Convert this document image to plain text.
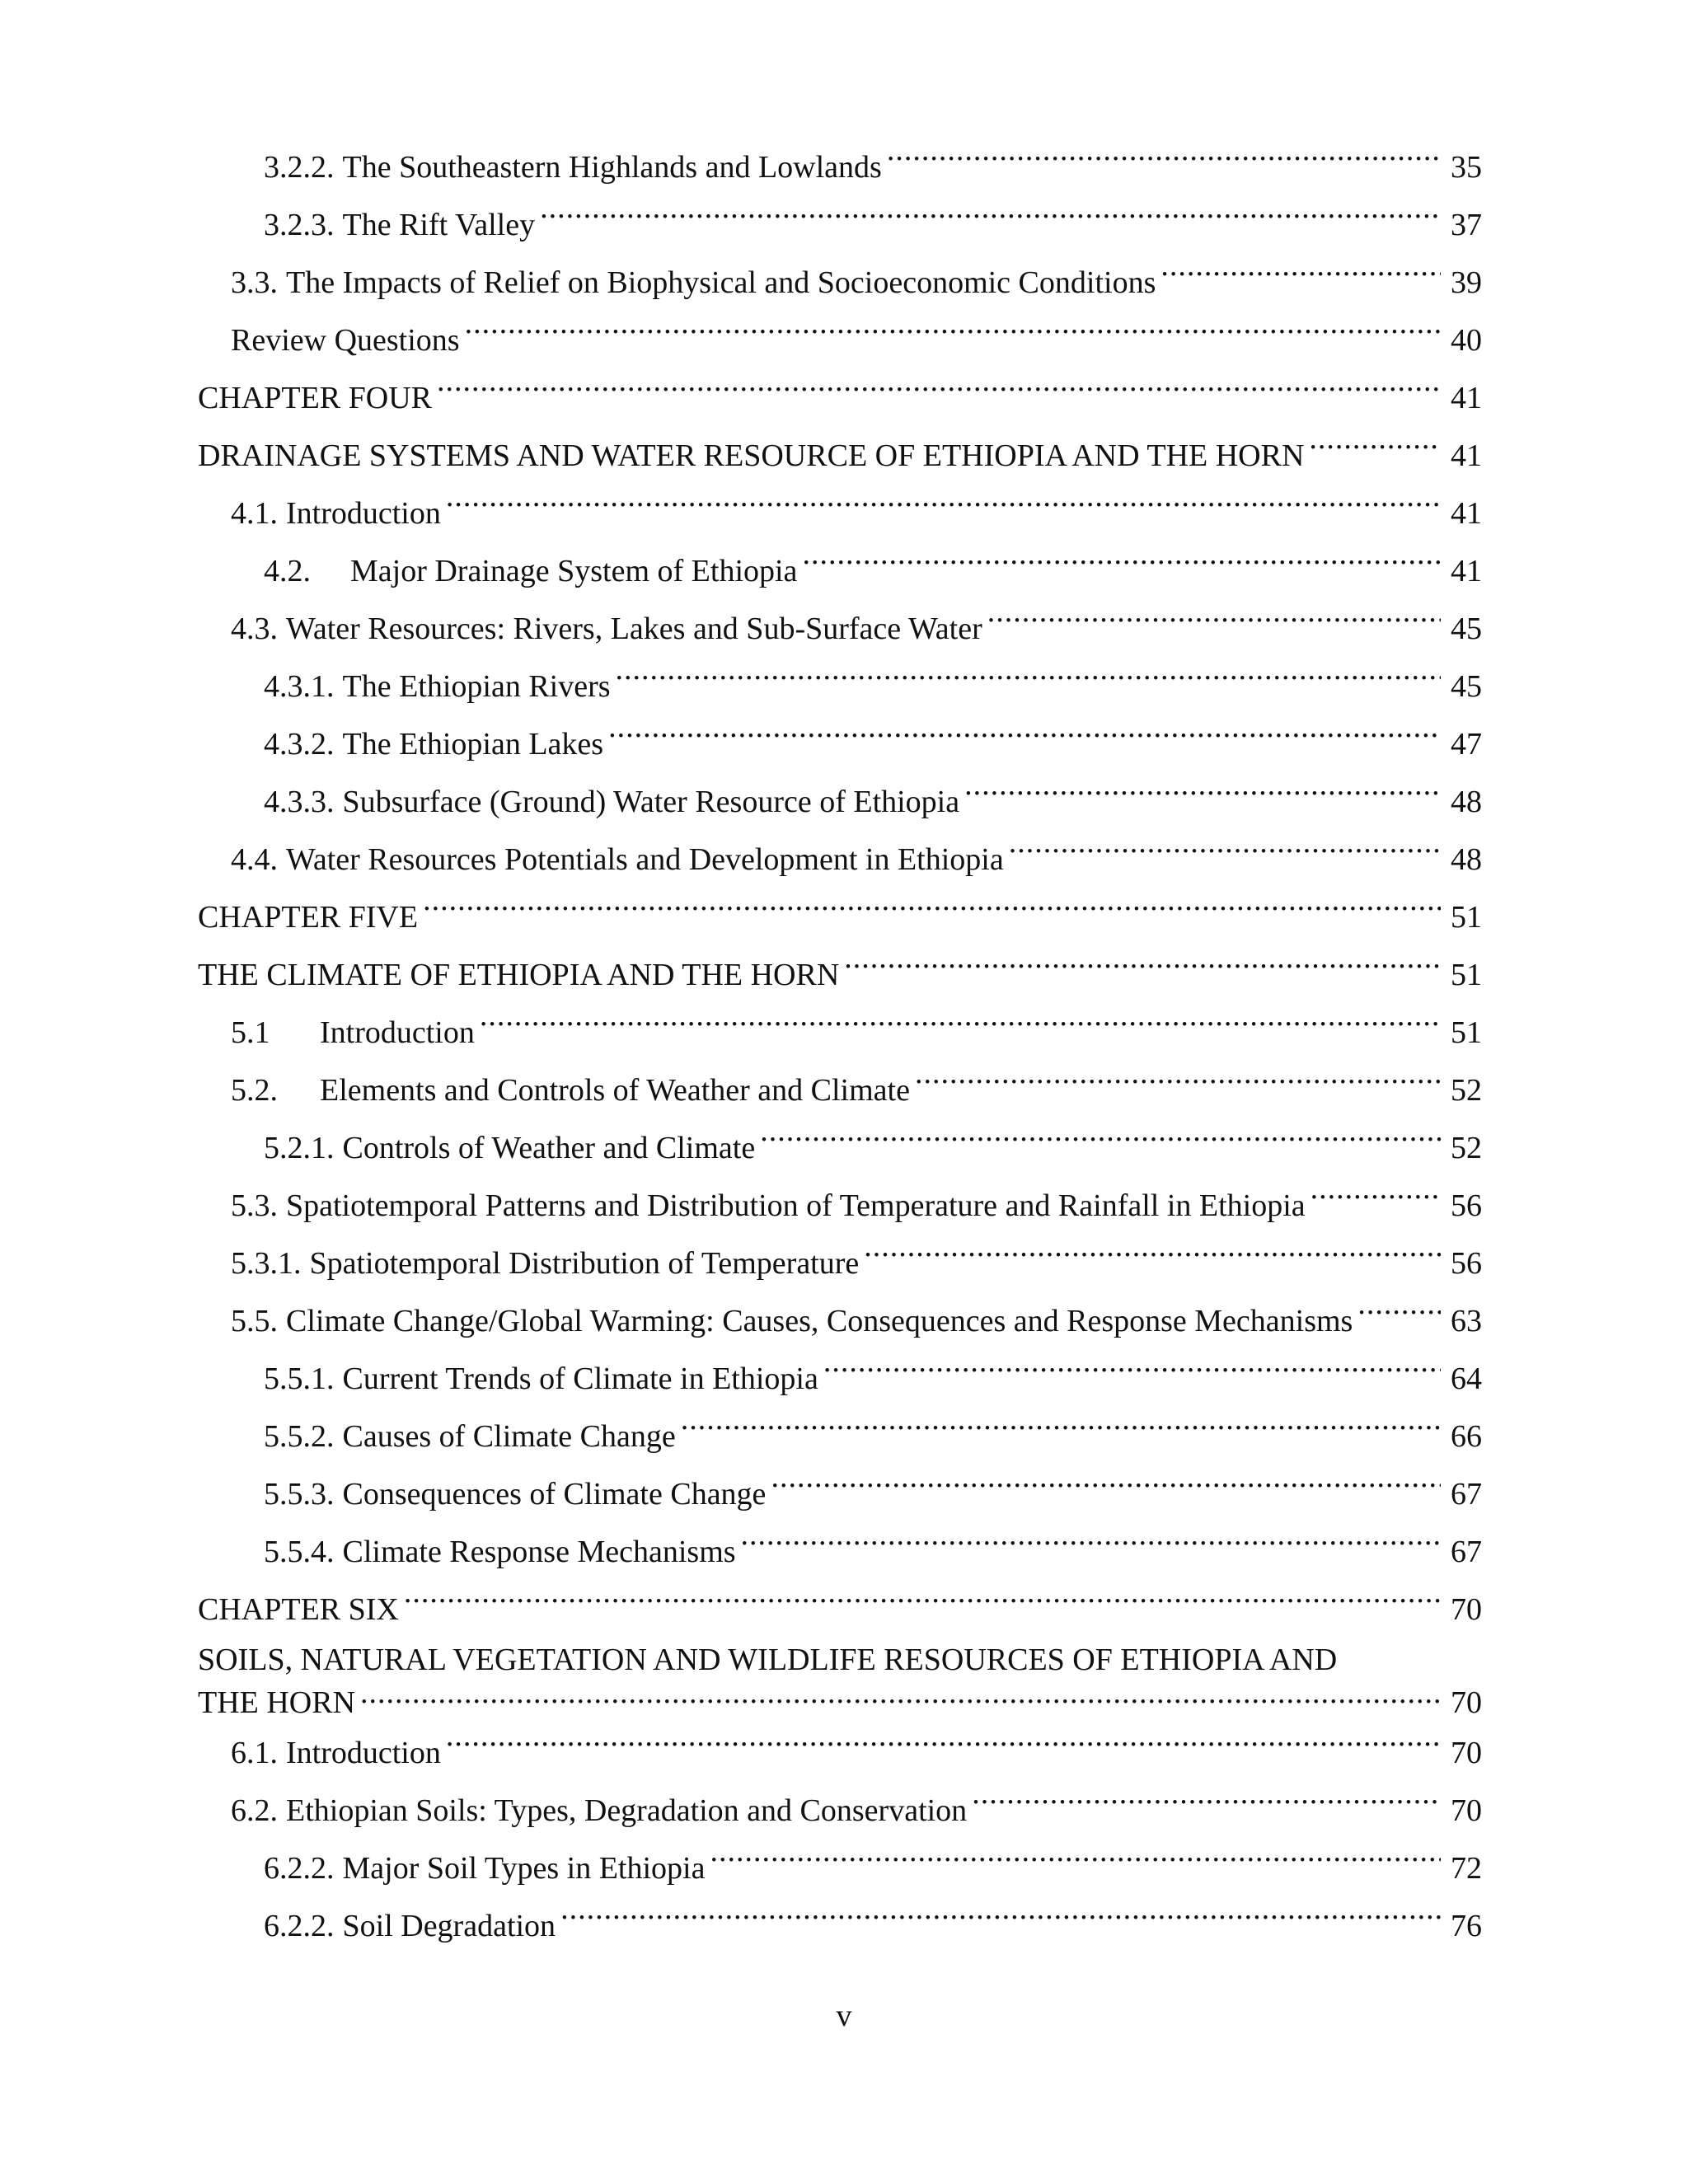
3.2.2. The Southeastern Highlands and Lowlands .....	35
3.2.3. The Rift Valley .....	37
3.3. The Impacts of Relief on Biophysical and Socioeconomic Conditions .....	39
Review Questions .....	40
CHAPTER FOUR .....	41
DRAINAGE SYSTEMS AND WATER RESOURCE OF ETHIOPIA AND THE HORN .....	41
4.1. Introduction .....	41
4.2.	Major Drainage System of Ethiopia .....	41
4.3. Water Resources: Rivers, Lakes and Sub-Surface Water .....	45
4.3.1. The Ethiopian Rivers .....	45
4.3.2. The Ethiopian Lakes .....	47
4.3.3. Subsurface (Ground) Water Resource of Ethiopia .....	48
4.4. Water Resources Potentials and Development in Ethiopia .....	48
CHAPTER FIVE .....	51
THE CLIMATE OF ETHIOPIA AND THE HORN .....	51
5.1	Introduction .....	51
5.2.	Elements and Controls of Weather and Climate .....	52
5.2.1. Controls of Weather and Climate .....	52
5.3. Spatiotemporal Patterns and Distribution of Temperature and Rainfall in Ethiopia .....	56
5.3.1. Spatiotemporal Distribution of Temperature .....	56
5.5. Climate Change/Global Warming: Causes, Consequences and Response Mechanisms .....	63
5.5.1. Current Trends of Climate in Ethiopia .....	64
5.5.2. Causes of Climate Change .....	66
5.5.3. Consequences of Climate Change .....	67
5.5.4. Climate Response Mechanisms .....	67
CHAPTER SIX .....	70
SOILS, NATURAL VEGETATION AND WILDLIFE RESOURCES OF ETHIOPIA AND
THE HORN .....	70
6.1. Introduction .....	70
6.2. Ethiopian Soils: Types, Degradation and Conservation .....	70
6.2.2. Major Soil Types in Ethiopia .....	72
6.2.2. Soil Degradation .....	76
v
